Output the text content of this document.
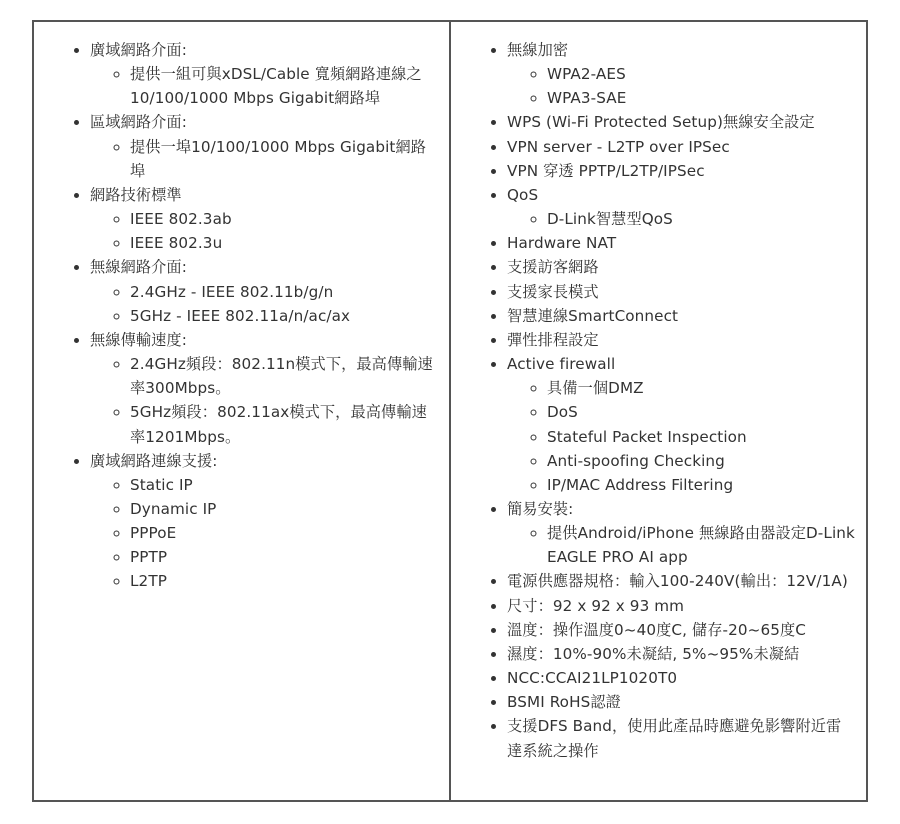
• 廣域網路介面:
◦ 提供一組可與xDSL/Cable 寬頻網路連線之10/100/1000 Mbps Gigabit網路埠
• 區域網路介面:
◦ 提供一埠10/100/1000 Mbps Gigabit網路埠
• 網路技術標準
◦ IEEE 802.3ab
◦ IEEE 802.3u
• 無線網路介面:
◦ 2.4GHz - IEEE 802.11b/g/n
◦ 5GHz - IEEE 802.11a/n/ac/ax
• 無線傳輸速度:
◦ 2.4GHz頻段：802.11n模式下，最高傳輸速率300Mbps。
◦ 5GHz頻段：802.11ax模式下，最高傳輸速率1201Mbps。
• 廣域網路連線支援:
◦ Static IP
◦ Dynamic IP
◦ PPPoE
◦ PPTP
◦ L2TP
• 無線加密
◦ WPA2-AES
◦ WPA3-SAE
• WPS (Wi-Fi Protected Setup)無線安全設定
• VPN server - L2TP over IPSec
• VPN 穿透 PPTP/L2TP/IPSec
• QoS
◦ D-Link智慧型QoS
• Hardware NAT
• 支援訪客網路
• 支援家長模式
• 智慧連線SmartConnect
• 彈性排程設定
• Active firewall
◦ 具備一個DMZ
◦ DoS
◦ Stateful Packet Inspection
◦ Anti-spoofing Checking
◦ IP/MAC Address Filtering
• 簡易安裝:
◦ 提供Android/iPhone 無線路由器設定D-Link EAGLE PRO AI app
• 電源供應器規格：輸入100-240V(輸出：12V/1A)
• 尺寸：92 x 92 x 93 mm
• 溫度：操作溫度0~40度C, 儲存-20~65度C
• 濕度：10%-90%未凝結, 5%~95%未凝結
• NCC:CCAI21LP1020T0
• BSMI RoHS認證
• 支援DFS Band，使用此產品時應避免影響附近雷達系統之操作
